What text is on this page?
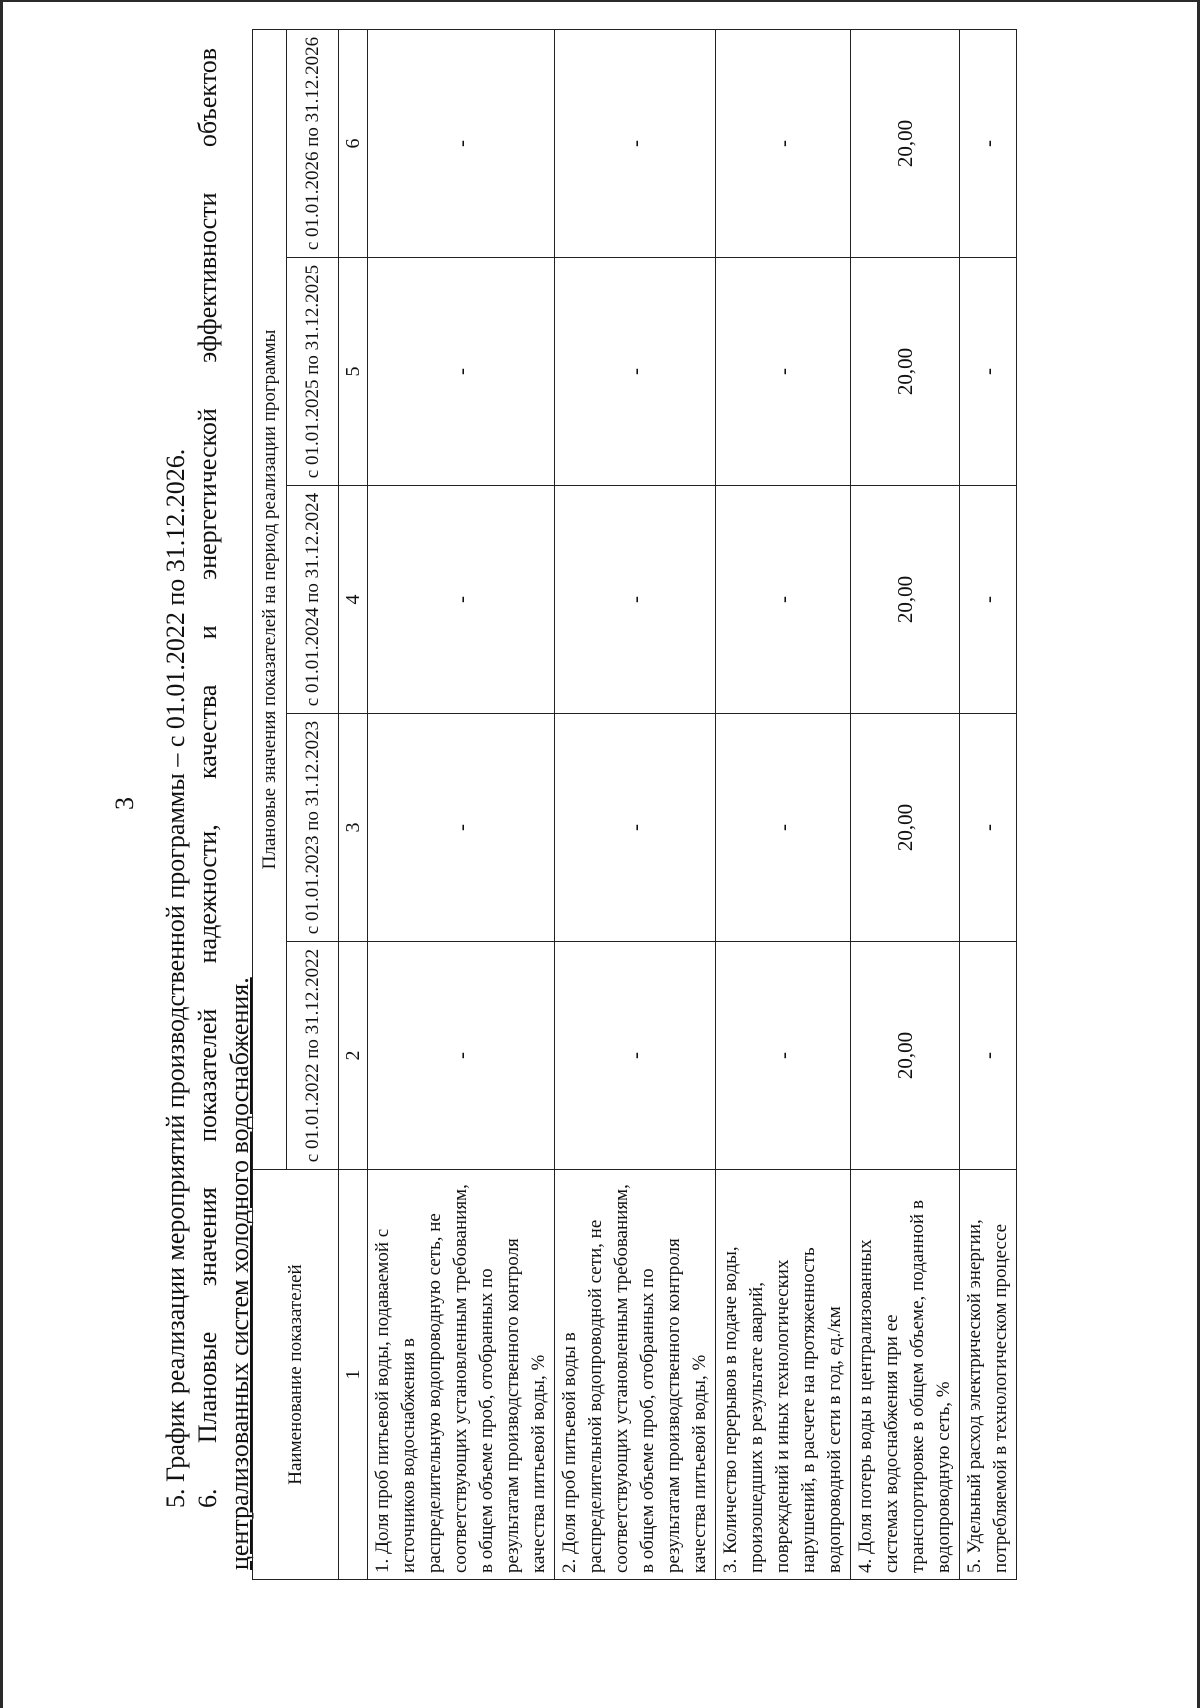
3 5. График реализации мероприятий производственной программы – с 01.01.2022 по 31.12.2026. 6. Плановые значения показателей надежности, качества и энергетической эффективности объектов централизованных систем холодного водоснабжения. Наименование показателей	Плановые значения показателей на период реализации программы				
	с 01.01.2022 по 31.12.2022	с 01.01.2023 по 31.12.2023	с 01.01.2024 по 31.12.2024	с 01.01.2025 по 31.12.2025	с 01.01.2026 по 31.12.2026
1	2	3	4	5	6
1. Доля проб питьевой воды, подаваемой с источников водоснабжения в распределительную водопроводную сеть, не соответствующих установленным требованиям, в общем объеме проб, отобранных по результатам производственного контроля качества питьевой воды, %	-	-	-	-	-
2. Доля проб питьевой воды в распределительной водопроводной сети, не соответствующих установленным требованиям, в общем объеме проб, отобранных по результатам производственного контроля качества питьевой воды, %	-	-	-	-	-
3. Количество перерывов в подаче воды, произошедших в результате аварий, повреждений и иных технологических нарушений, в расчете на протяженность водопроводной сети в год, ед./км	-	-	-	-	-
4. Доля потерь воды в централизованных системах водоснабжения при ее транспортировке в общем объеме, поданной в водопроводную сеть, %	20,00	20,00	20,00	20,00	20,00
5. Удельный расход электрической энергии, потребляемой в технологическом процессе	-	-	-	-	-
